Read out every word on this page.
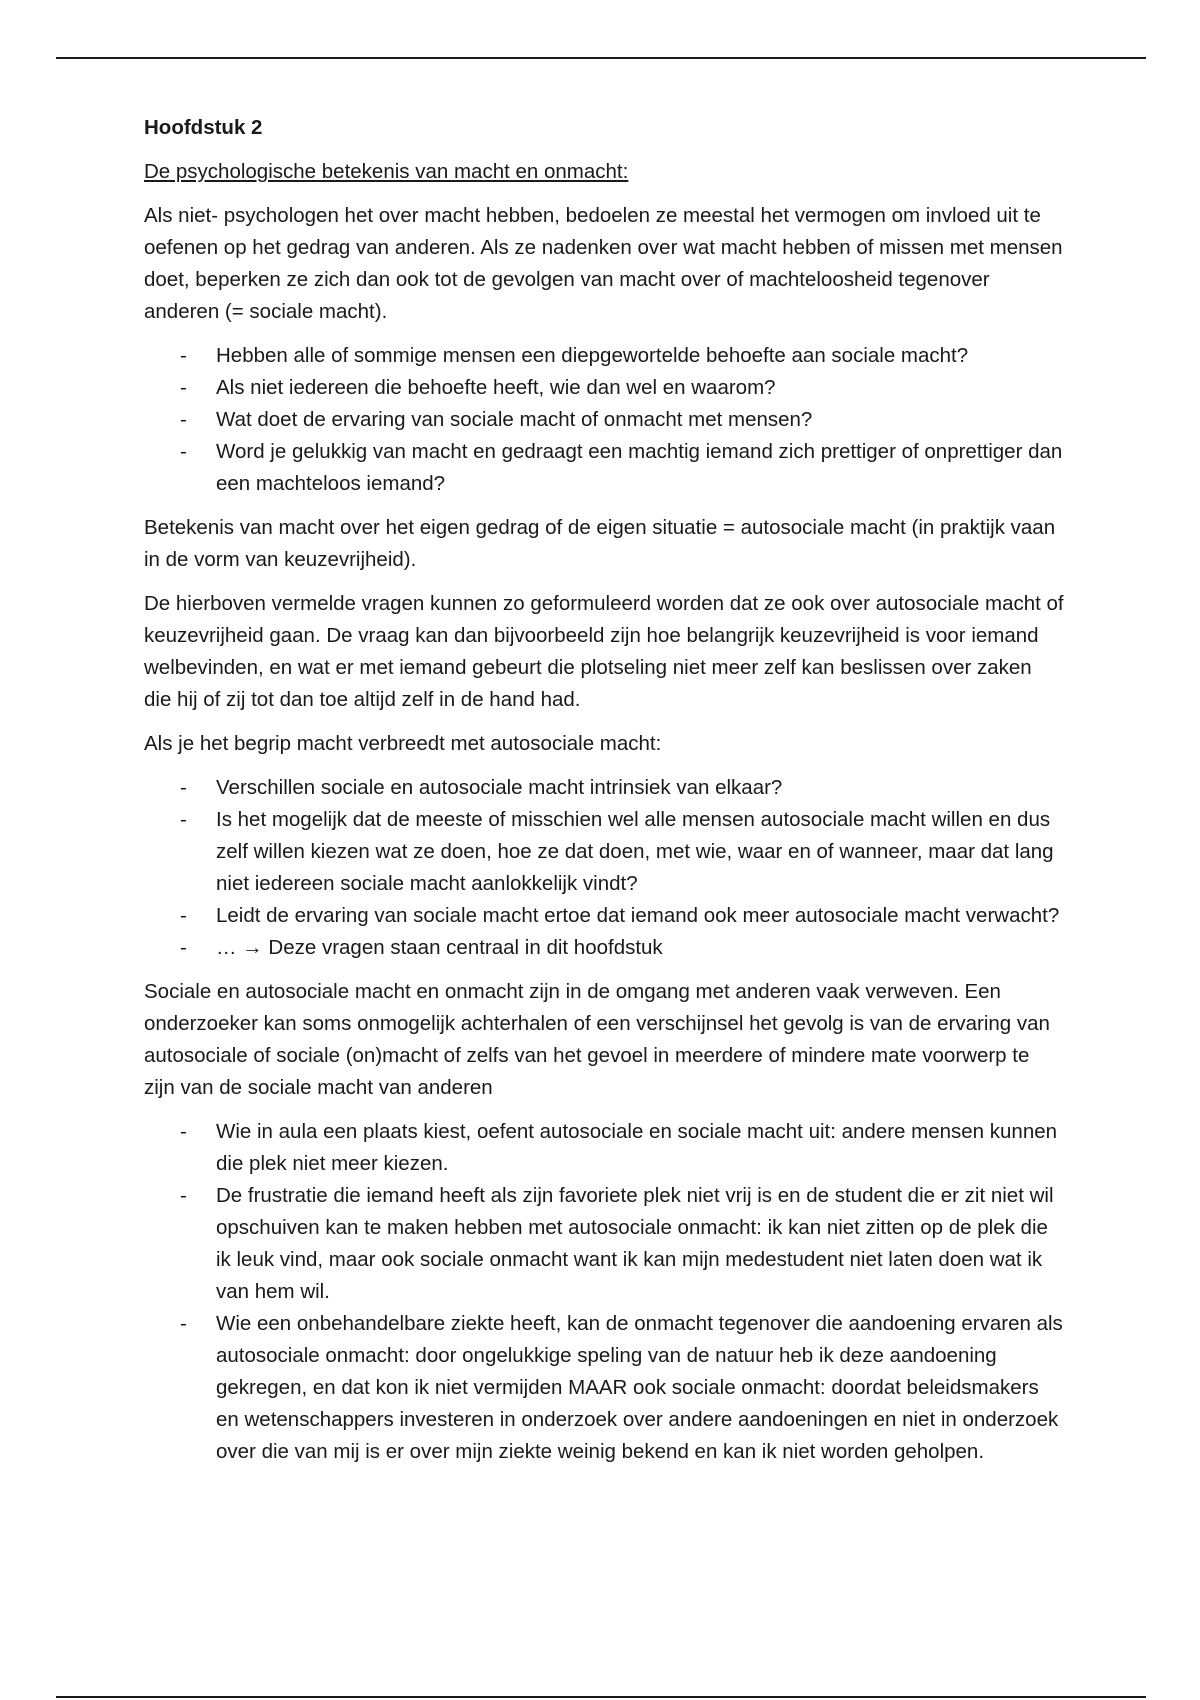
Hoofdstuk 2
De psychologische betekenis van macht en onmacht:

Als niet- psychologen het over macht hebben, bedoelen ze meestal het vermogen om invloed uit te oefenen op het gedrag van anderen. Als ze nadenken over wat macht hebben of missen met mensen doet, beperken ze zich dan ook tot de gevolgen van macht over of machteloosheid tegenover anderen (= sociale macht).

- Hebben alle of sommige mensen een diepgewortelde behoefte aan sociale macht?
- Als niet iedereen die behoefte heeft, wie dan wel en waarom?
- Wat doet de ervaring van sociale macht of onmacht met mensen?
- Word je gelukkig van macht en gedraagt een machtig iemand zich prettiger of onprettiger dan een machteloos iemand?

Betekenis van macht over het eigen gedrag of de eigen situatie = autosociale macht (in praktijk vaan in de vorm van keuzevrijheid).

De hierboven vermelde vragen kunnen zo geformuleerd worden dat ze ook over autosociale macht of keuzevrijheid gaan. De vraag kan dan bijvoorbeeld zijn hoe belangrijk keuzevrijheid is voor iemand welbevinden, en wat er met iemand gebeurt die plotseling niet meer zelf kan beslissen over zaken die hij of zij tot dan toe altijd zelf in de hand had.

Als je het begrip macht verbreedt met autosociale macht:

- Verschillen sociale en autosociale macht intrinsiek van elkaar?
- Is het mogelijk dat de meeste of misschien wel alle mensen autosociale macht willen en dus zelf willen kiezen wat ze doen, hoe ze dat doen, met wie, waar en of wanneer, maar dat lang niet iedereen sociale macht aanlokkelijk vindt?
- Leidt de ervaring van sociale macht ertoe dat iemand ook meer autosociale macht verwacht?
- … → Deze vragen staan centraal in dit hoofdstuk

Sociale en autosociale macht en onmacht zijn in de omgang met anderen vaak verweven. Een onderzoeker kan soms onmogelijk achterhalen of een verschijnsel het gevolg is van de ervaring van autosociale of sociale (on)macht of zelfs van het gevoel in meerdere of mindere mate voorwerp te zijn van de sociale macht van anderen

- Wie in aula een plaats kiest, oefent autosociale en sociale macht uit: andere mensen kunnen die plek niet meer kiezen.
- De frustratie die iemand heeft als zijn favoriete plek niet vrij is en de student die er zit niet wil opschuiven kan te maken hebben met autosociale onmacht: ik kan niet zitten op de plek die ik leuk vind, maar ook sociale onmacht want ik kan mijn medestudent niet laten doen wat ik van hem wil.
- Wie een onbehandelbare ziekte heeft, kan de onmacht tegenover die aandoening ervaren als autosociale onmacht: door ongelukkige speling van de natuur heb ik deze aandoening gekregen, en dat kon ik niet vermijden MAAR ook sociale onmacht: doordat beleidsmakers en wetenschappers investeren in onderzoek over andere aandoeningen en niet in onderzoek over die van mij is er over mijn ziekte weinig bekend en kan ik niet worden geholpen.
